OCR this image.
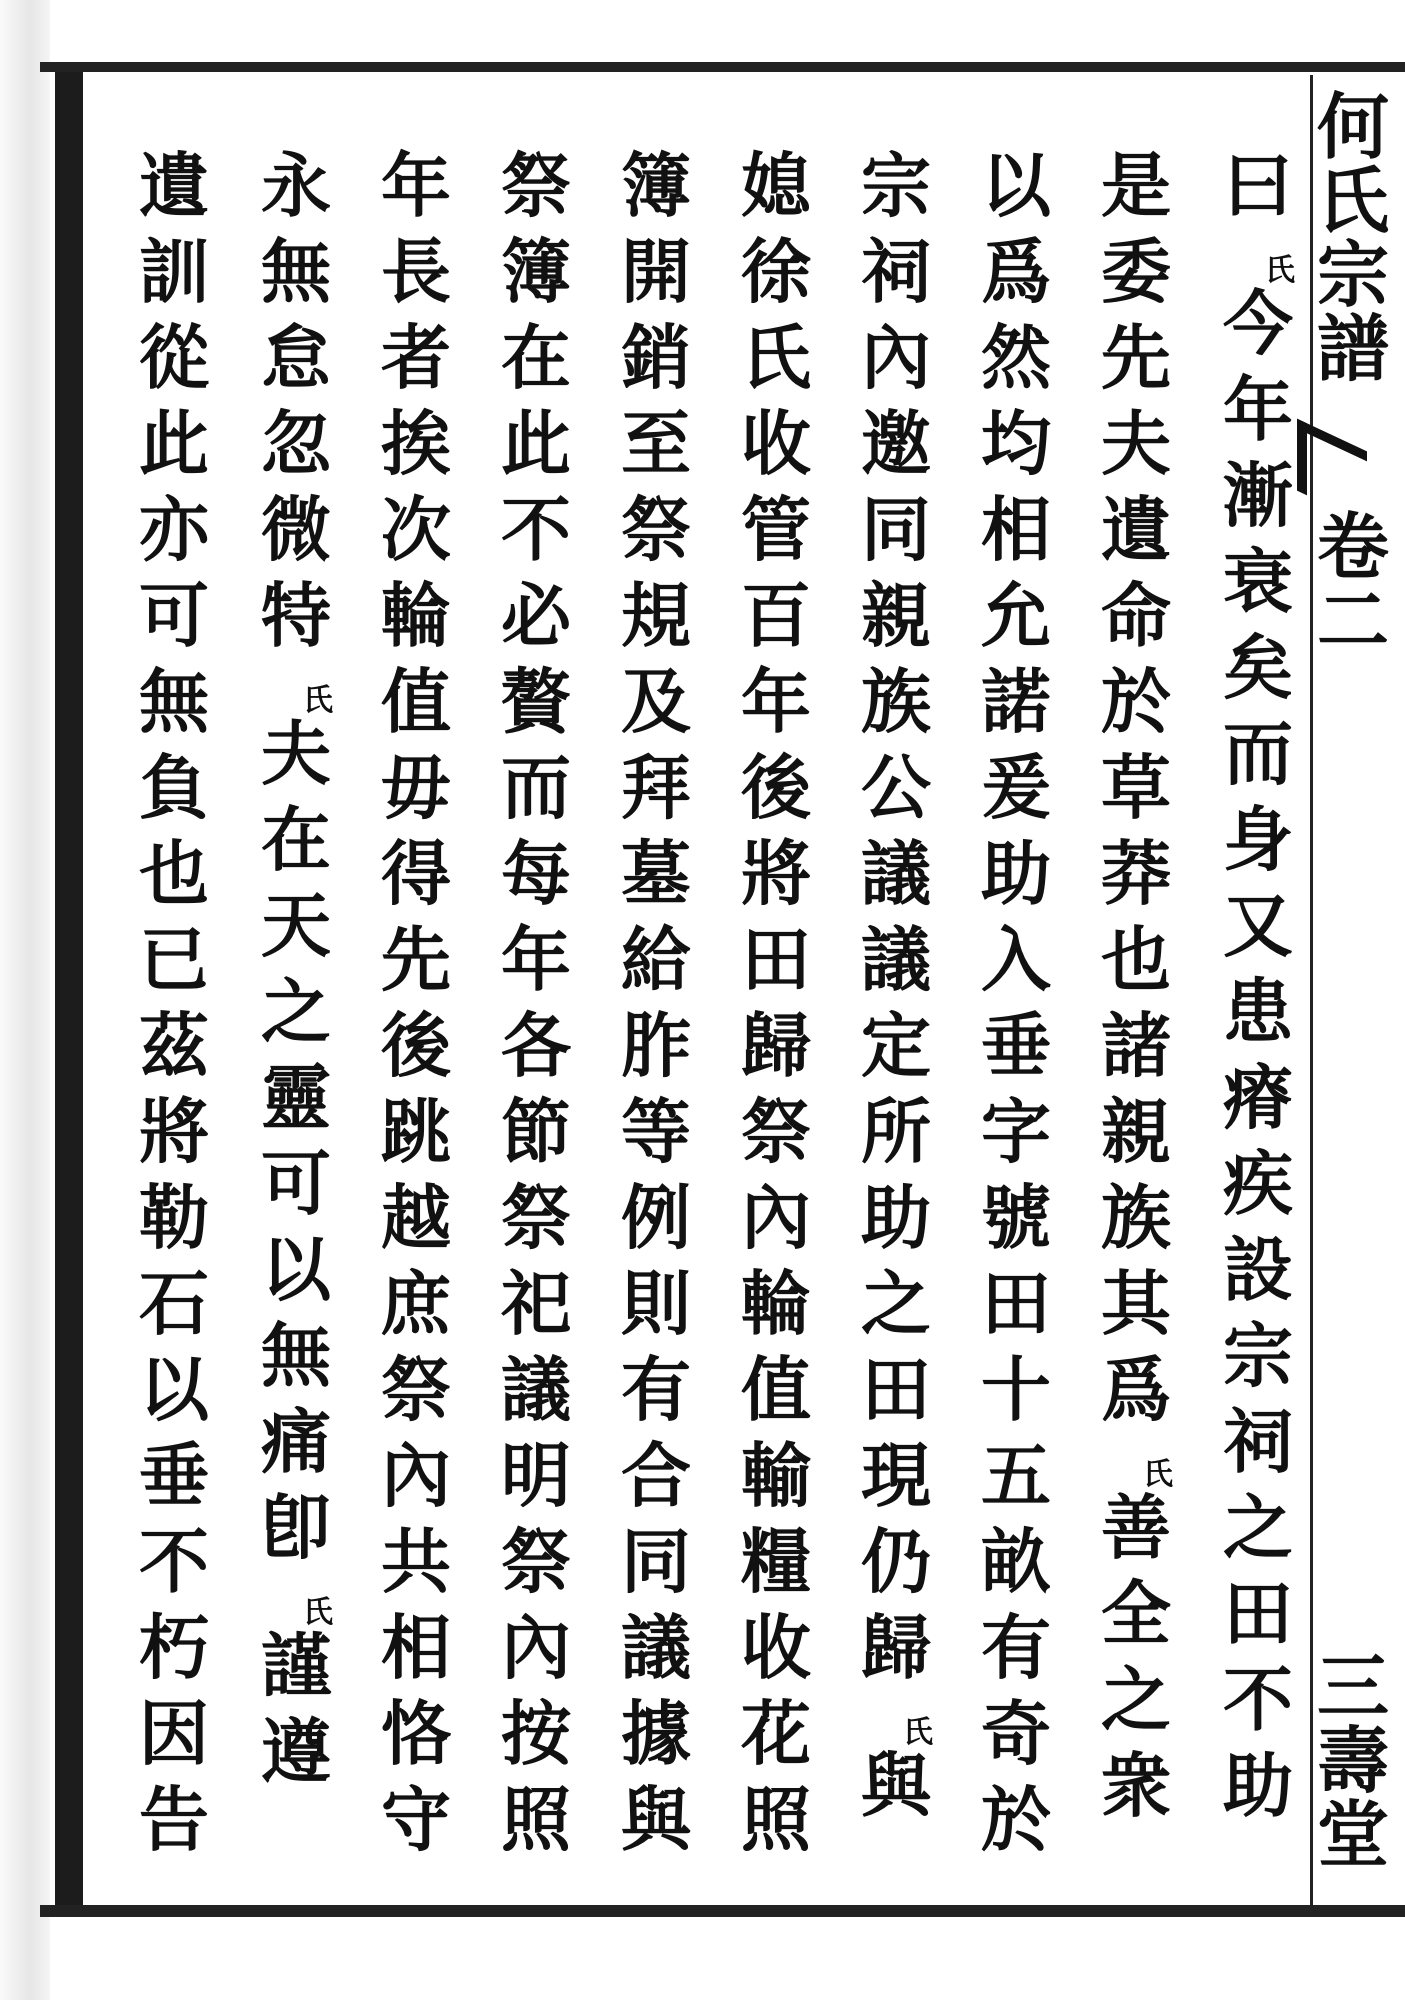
何
氏
宗
譜
卷
二
三
壽
堂
曰
氏
今
年
漸
衰
矣
而
身
又
患
瘠
疾
設
宗
祠
之
田
不
助
是
委
先
夫
遺
命
於
草
莽
也
諸
親
族
其
爲
氏
善
全
之
衆
以
爲
然
均
相
允
諾
爰
助
入
垂
字
號
田
十
五
畝
有
奇
於
宗
祠
內
邀
同
親
族
公
議
議
定
所
助
之
田
現
仍
歸
氏
與
媳
徐
氏
收
管
百
年
後
將
田
歸
祭
內
輪
值
輸
糧
收
花
照
簿
開
銷
至
祭
規
及
拜
墓
給
胙
等
例
則
有
合
同
議
據
與
祭
簿
在
此
不
必
贅
而
每
年
各
節
祭
祀
議
明
祭
內
按
照
年
長
者
挨
次
輪
值
毋
得
先
後
跳
越
庶
祭
內
共
相
恪
守
永
無
怠
忽
微
特
氏
夫
在
天
之
靈
可
以
無
痛
卽
氏
謹
遵
遺
訓
從
此
亦
可
無
負
也
已
茲
將
勒
石
以
垂
不
朽
因
告
